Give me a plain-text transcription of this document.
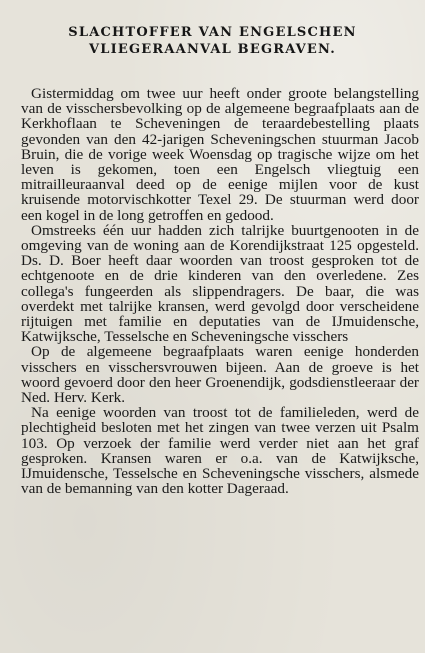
SLACHTOFFER VAN ENGELSCHEN
VLIEGERAANVAL BEGRAVEN.

Gistermiddag om twee uur heeft onder groote belangstelling van de visschersbevolking op de algemeene begraafplaats aan de Kerkhoflaan te Scheveningen de teraardebestelling plaats gevonden van den 42-jarigen Scheveningschen stuurman Jacob Bruin, die de vorige week Woensdag op tragische wijze om het leven is gekomen, toen een Engelsch vliegtuig een mitrailleuraanval deed op de eenige mijlen voor de kust kruisende motorvischkotter Texel 29. De stuurman werd door een kogel in de long getroffen en gedood.

Omstreeks één uur hadden zich talrijke buurtgenooten in de omgeving van de woning aan de Korendijkstraat 125 opgesteld. Ds. D. Boer heeft daar woorden van troost gesproken tot de echtgenoote en de drie kinderen van den overledene. Zes collega's fungeerden als slippendragers. De baar, die was overdekt met talrijke kransen, werd gevolgd door verscheidene rijtuigen met familie en deputaties van de IJmuidensche, Katwijksche, Tesselsche en Scheveningsche visschers

Op de algemeene begraafplaats waren eenige honderden visschers en visschersvrouwen bijeen. Aan de groeve is het woord gevoerd door den heer Groenendijk, godsdienstleeraar der Ned. Herv. Kerk.

Na eenige woorden van troost tot de familieleden, werd de plechtigheid besloten met het zingen van twee verzen uit Psalm 103. Op verzoek der familie werd verder niet aan het graf gesproken. Kransen waren er o.a. van de Katwijksche, IJmuidensche, Tesselsche en Scheveningsche visschers, alsmede van de bemanning van den kotter Dageraad.
